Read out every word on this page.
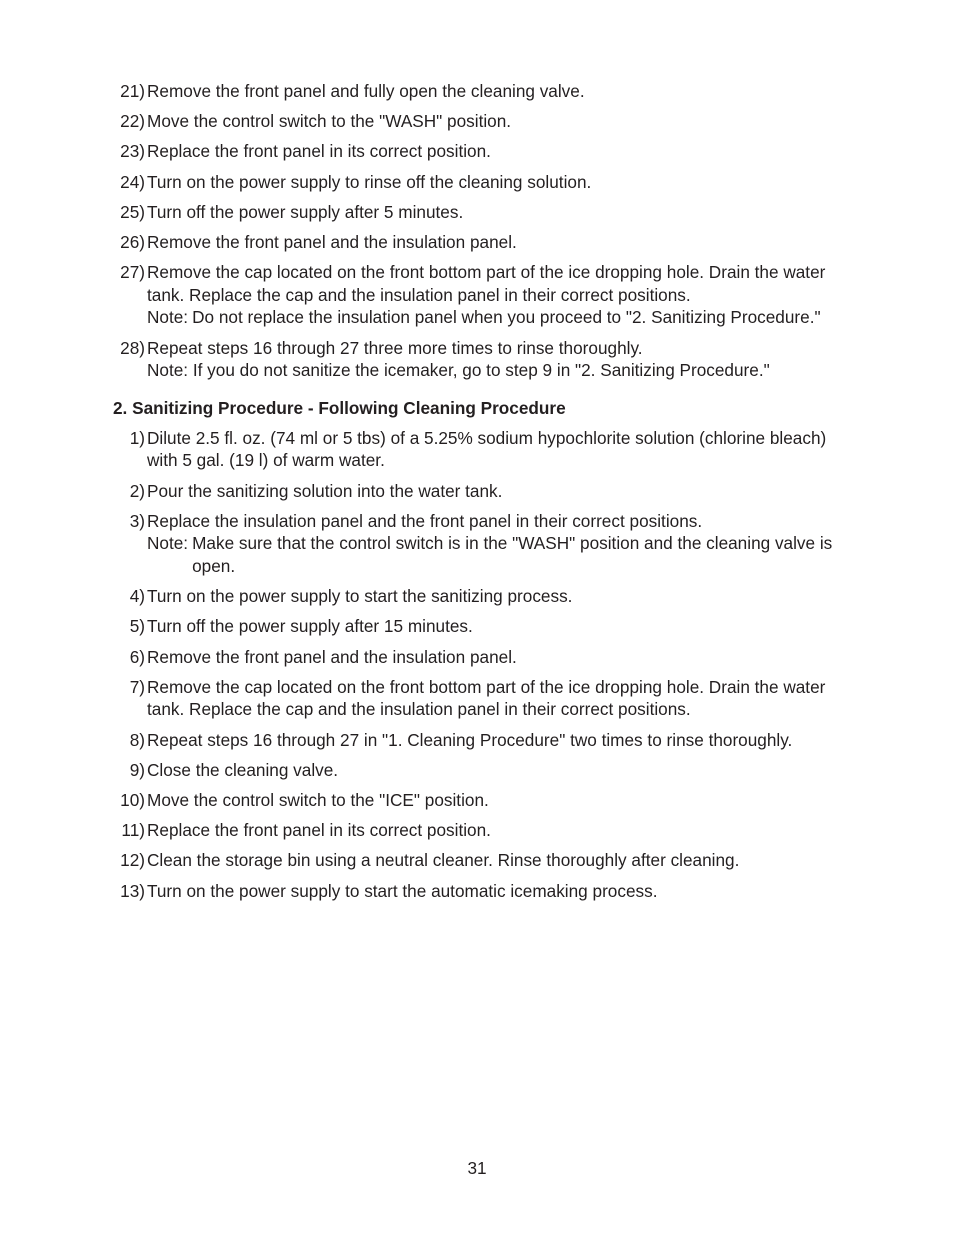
21) Remove the front panel and fully open the cleaning valve.
22) Move the control switch to the "WASH" position.
23) Replace the front panel in its correct position.
24) Turn on the power supply to rinse off the cleaning solution.
25) Turn off the power supply after 5 minutes.
26) Remove the front panel and the insulation panel.
27) Remove the cap located on the front bottom part of the ice dropping hole. Drain the water tank. Replace the cap and the insulation panel in their correct positions.
Note: Do not replace the insulation panel when you proceed to "2. Sanitizing Procedure."
28) Repeat steps 16 through 27 three more times to rinse thoroughly.
Note: If you do not sanitize the icemaker, go to step 9 in "2. Sanitizing Procedure."
2. Sanitizing Procedure - Following Cleaning Procedure
1) Dilute 2.5 fl. oz. (74 ml or 5 tbs) of a 5.25% sodium hypochlorite solution (chlorine bleach) with 5 gal. (19 l) of warm water.
2) Pour the sanitizing solution into the water tank.
3) Replace the insulation panel and the front panel in their correct positions.
Note: Make sure that the control switch is in the "WASH" position and the cleaning valve is open.
4) Turn on the power supply to start the sanitizing process.
5) Turn off the power supply after 15 minutes.
6) Remove the front panel and the insulation panel.
7) Remove the cap located on the front bottom part of the ice dropping hole. Drain the water tank. Replace the cap and the insulation panel in their correct positions.
8) Repeat steps 16 through 27 in "1. Cleaning Procedure" two times to rinse thoroughly.
9) Close the cleaning valve.
10) Move the control switch to the "ICE" position.
11) Replace the front panel in its correct position.
12) Clean the storage bin using a neutral cleaner. Rinse thoroughly after cleaning.
13) Turn on the power supply to start the automatic icemaking process.
31
